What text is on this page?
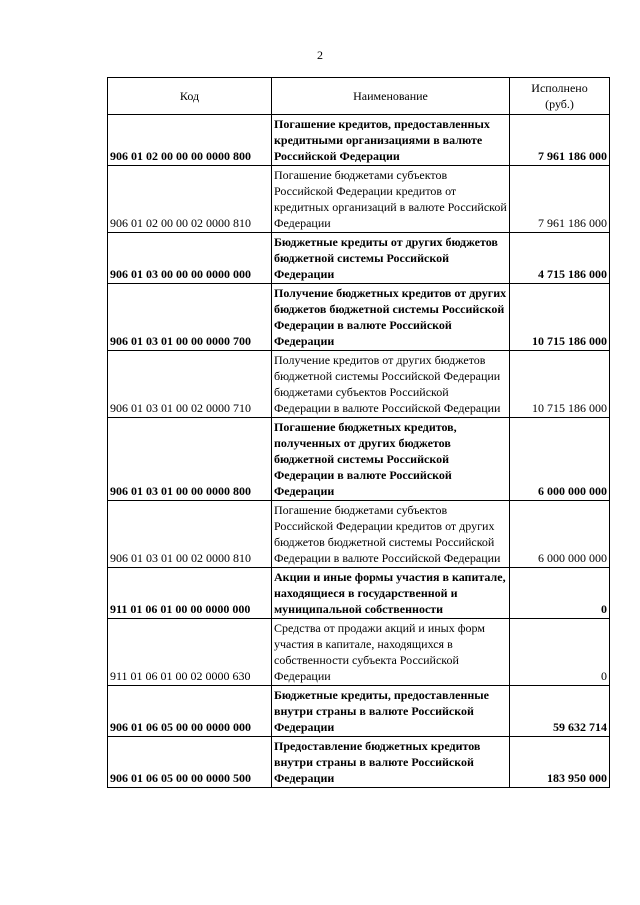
2
Код	Наименование	Исполнено
(руб.)
906 01 02 00 00 00 0000 800	Погашение кредитов, предоставленных кредитными организациями в валюте Российской Федерации	7 961 186 000
906 01 02 00 00 02 0000 810	Погашение бюджетами субъектов Российской Федерации кредитов от кредитных организаций в валюте Российской Федерации	7 961 186 000
906 01 03 00 00 00 0000 000	Бюджетные кредиты от других бюджетов бюджетной системы Российской Федерации	4 715 186 000
906 01 03 01 00 00 0000 700	Получение бюджетных кредитов от других бюджетов бюджетной системы Российской Федерации в валюте Российской Федерации	10 715 186 000
906 01 03 01 00 02 0000 710	Получение кредитов от других бюджетов бюджетной системы Российской Федерации бюджетами субъектов Российской Федерации в валюте Российской Федерации	10 715 186 000
906 01 03 01 00 00 0000 800	Погашение бюджетных кредитов, полученных от других бюджетов бюджетной системы Российской Федерации в валюте Российской Федерации	6 000 000 000
906 01 03 01 00 02 0000 810	Погашение бюджетами субъектов Российской Федерации кредитов от других бюджетов бюджетной системы Российской Федерации в валюте Российской Федерации	6 000 000 000
911 01 06 01 00 00 0000 000	Акции и иные формы участия в капитале, находящиеся в государственной и муниципальной собственности	0
911 01 06 01 00 02 0000 630	Средства от продажи акций и иных форм участия в капитале, находящихся в собственности субъекта Российской Федерации	0
906 01 06 05 00 00 0000 000	Бюджетные кредиты, предоставленные внутри страны в валюте Российской Федерации	59 632 714
906 01 06 05 00 00 0000 500	Предоставление бюджетных кредитов внутри страны в валюте Российской Федерации	183 950 000
